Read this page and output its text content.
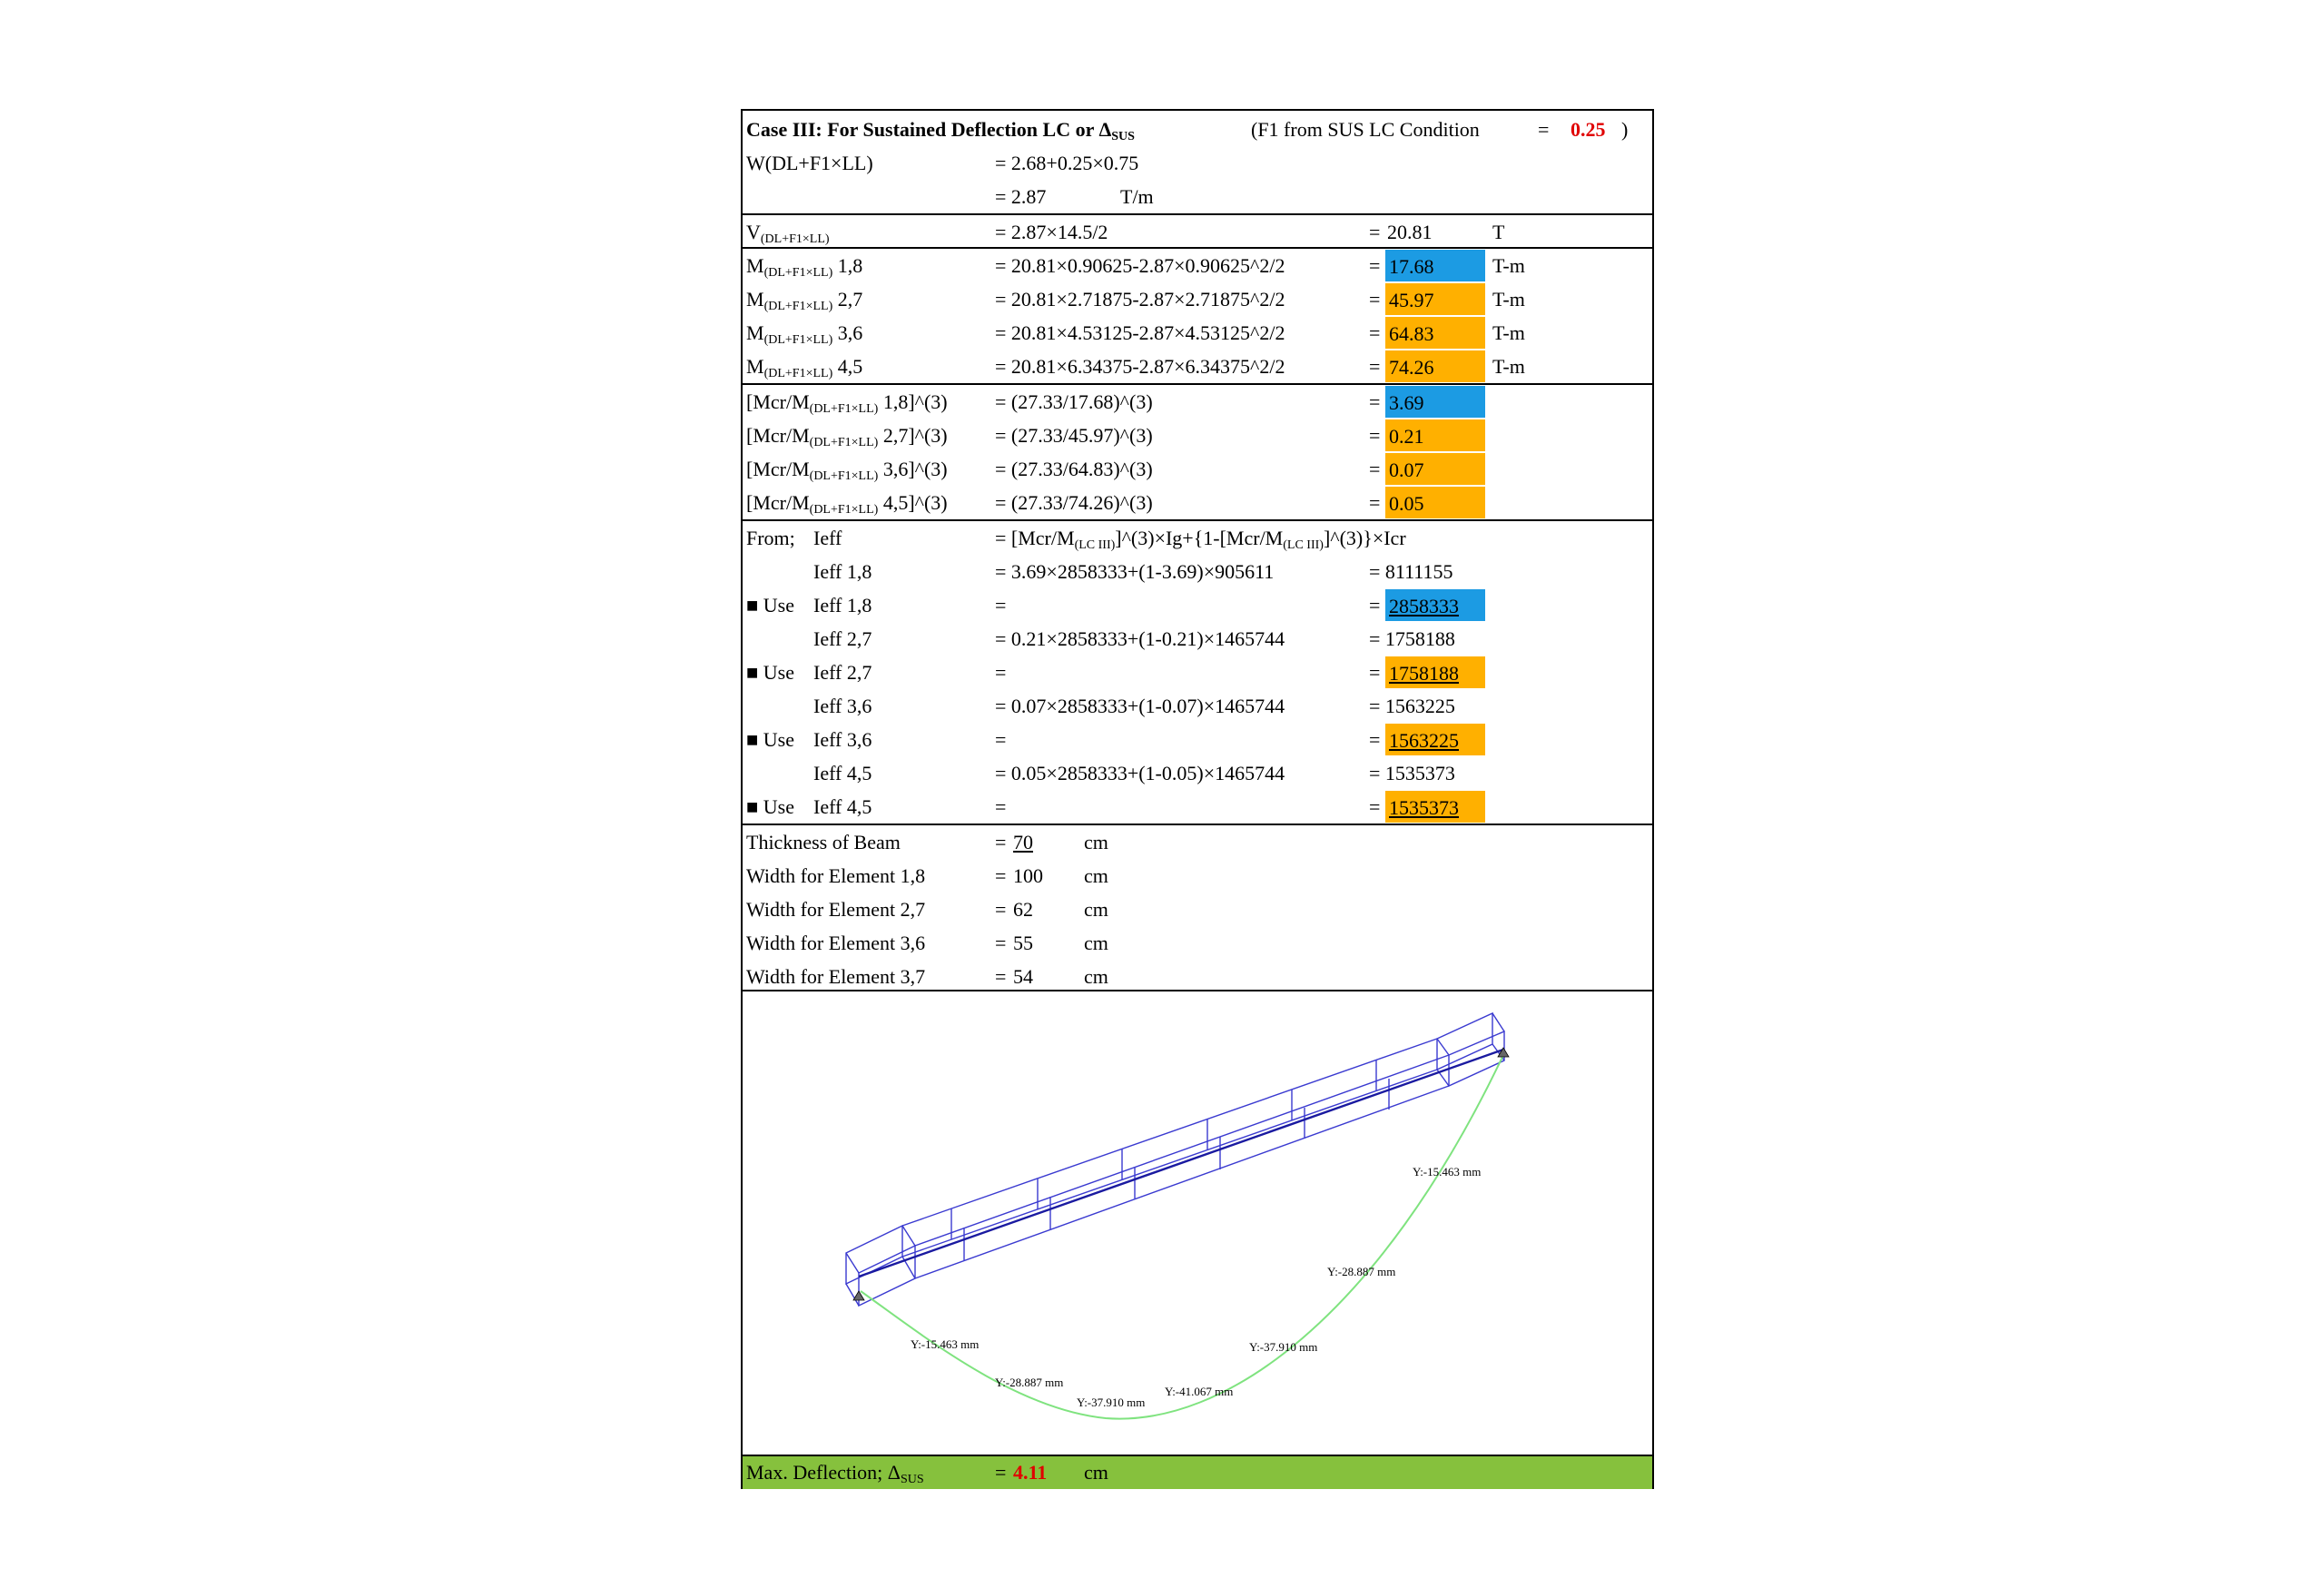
Case III: For Sustained Deflection LC or $\Delta_{SUS}$	(F1 from SUS LC Condition	= 0.25 )
W(DL+F1×LL)	= 2.68+0.25×0.75
= 2.87	T/m
$V_{(DL+F1\times LL)}$	= 2.87×14.5/2	= 20.81	T
$M_{(DL+F1\times LL)}$ 1,8	= 20.81×0.90625-2.87×0.90625^2/2	= 17.68	T-m
$M_{(DL+F1\times LL)}$ 2,7	= 20.81×2.71875-2.87×2.71875^2/2	= 45.97	T-m
$M_{(DL+F1\times LL)}$ 3,6	= 20.81×4.53125-2.87×4.53125^2/2	= 64.83	T-m
$M_{(DL+F1\times LL)}$ 4,5	= 20.81×6.34375-2.87×6.34375^2/2	= 74.26	T-m
[$Mcr/M_{(DL+F1\times LL)}$ 1,8]^(3) = (27.33/17.68)^(3)	= 3.69
[$Mcr/M_{(DL+F1\times LL)}$ 2,7]^(3) = (27.33/45.97)^(3)	= 0.21
[$Mcr/M_{(DL+F1\times LL)}$ 3,6]^(3) = (27.33/64.83)^(3)	= 0.07
[$Mcr/M_{(DL+F1\times LL)}$ 4,5]^(3) = (27.33/74.26)^(3)	= 0.05
From; Ieff	= $[Mcr/M_{(LC III)}]\^{}(3)\times Ig+\{1-[Mcr/M_{(LC III)}]\^{}(3)\}\times Icr$
Ieff 1,8	= 3.69×2858333+(1-3.69)×905611	= 8111155
■ Use Ieff 1,8	=	= 2858333
Ieff 2,7	= 0.21×2858333+(1-0.21)×1465744	= 1758188
■ Use Ieff 2,7	=	= 1758188
Ieff 3,6	= 0.07×2858333+(1-0.07)×1465744	= 1563225
■ Use Ieff 3,6	=	= 1563225
Ieff 4,5	= 0.05×2858333+(1-0.05)×1465744	= 1535373
■ Use Ieff 4,5	=	= 1535373
Thickness of Beam	= 70	cm
Width for Element 1,8	= 100 cm
Width for Element 2,7	= 62	cm
Width for Element 3,6	= 55	cm
Width for Element 3,7	= 54	cm
Y:-15.463 mm
Y:-28.887 mm
Y:-37.910 mm
Y:-41.067 mm
Y:-37.910 mm
Y:-28.887 mm
Y:-15.463 mm
Max. Deflection; $\Delta_{SUS}$	= 4.11 cm
